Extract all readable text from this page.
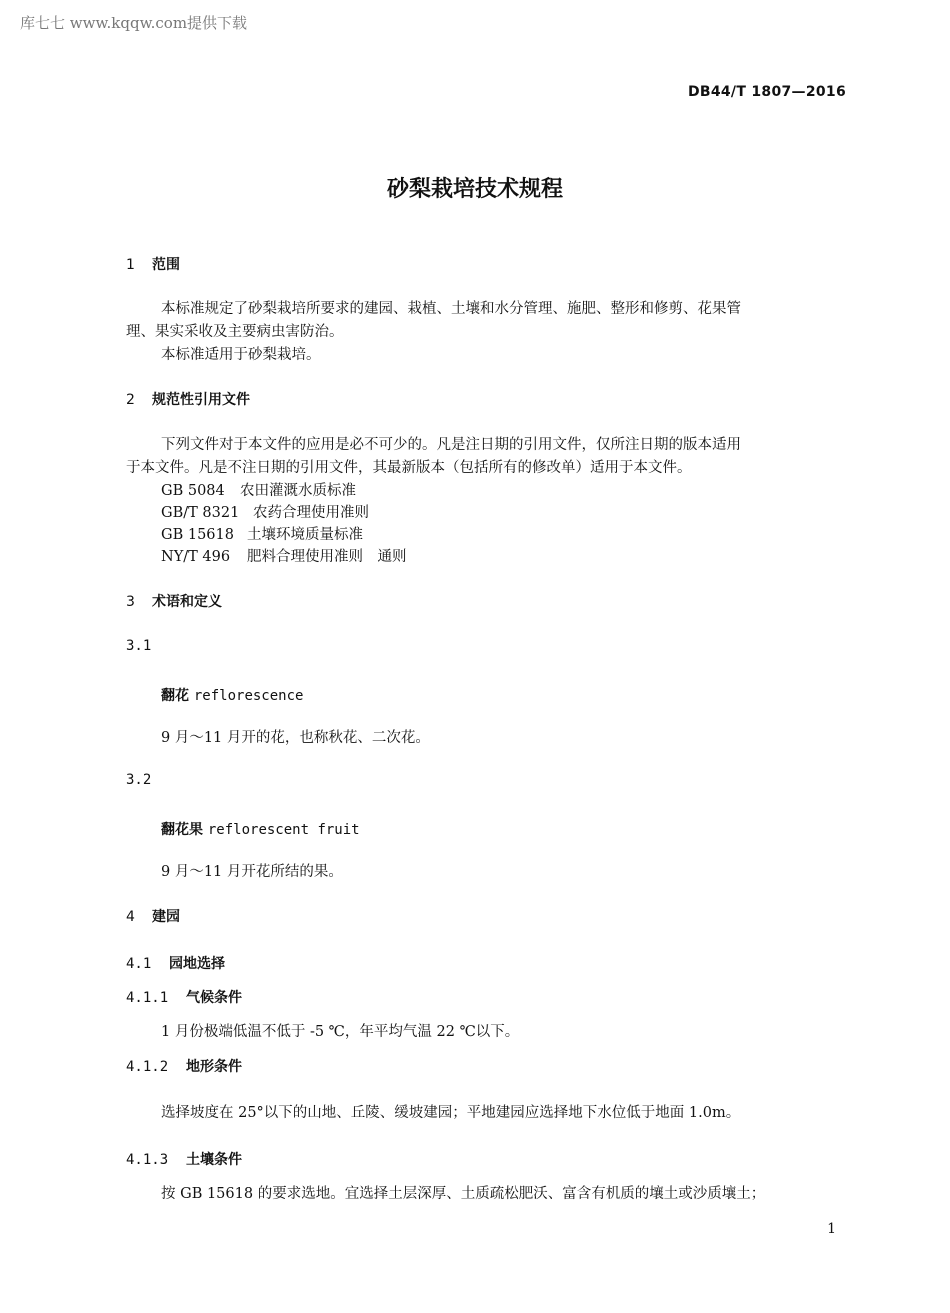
库七七 www.kqqw.com提供下载
DB44/T 1807—2016
砂梨栽培技术规程
1 范围
本标准规定了砂梨栽培所要求的建园、栽植、土壤和水分管理、施肥、整形和修剪、花果管
理、果实采收及主要病虫害防治。
本标准适用于砂梨栽培。
2 规范性引用文件
下列文件对于本文件的应用是必不可少的。凡是注日期的引用文件，仅所注日期的版本适用
于本文件。凡是不注日期的引用文件，其最新版本（包括所有的修改单）适用于本文件。
GB 5084 农田灌溉水质标准
GB/T 8321 农药合理使用准则
GB 15618 土壤环境质量标准
NY/T 496 肥料合理使用准则　通则
3 术语和定义
3.1
翻花 reflorescence
9 月～11 月开的花，也称秋花、二次花。
3.2
翻花果 reflorescent fruit
9 月～11 月开花所结的果。
4 建园
4.1 园地选择
4.1.1 气候条件
1 月份极端低温不低于 -5 ℃，年平均气温 22 ℃以下。
4.1.2 地形条件
选择坡度在 25°以下的山地、丘陵、缓坡建园；平地建园应选择地下水位低于地面 1.0m。
4.1.3 土壤条件
按 GB 15618 的要求选地。宜选择土层深厚、土质疏松肥沃、富含有机质的壤土或沙质壤土；
1
